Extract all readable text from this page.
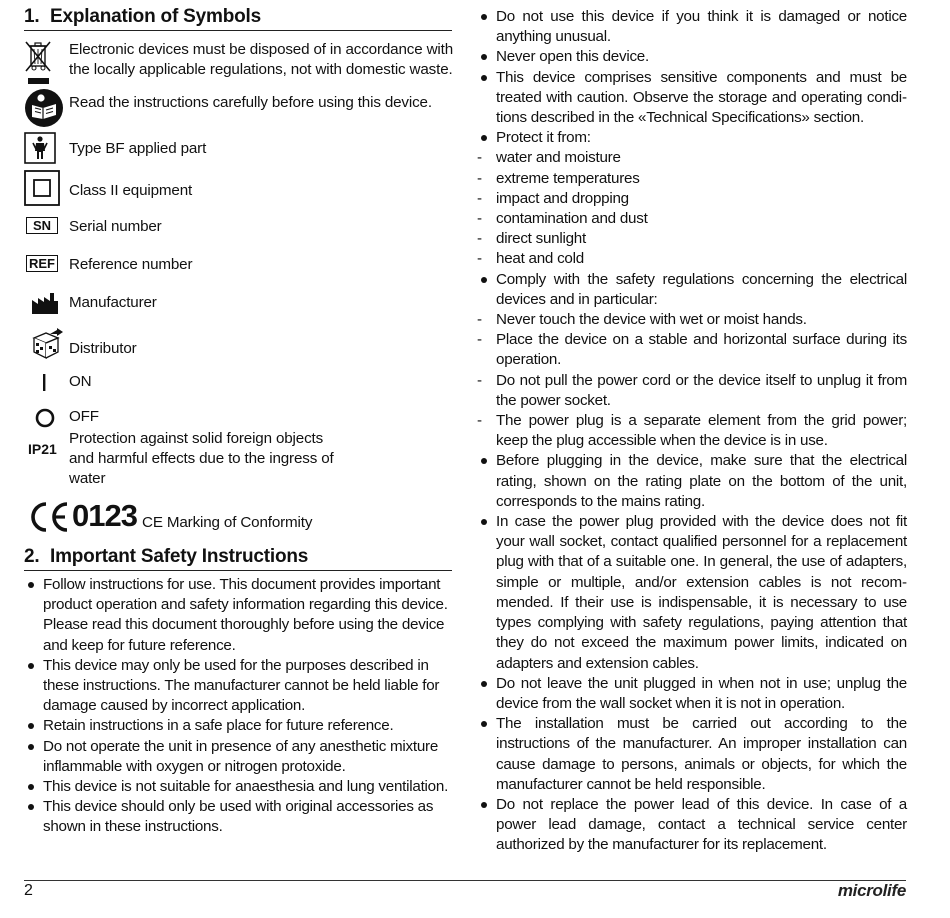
1. Explanation of Symbols
Electronic devices must be disposed of in accordance with the locally applicable regulations, not with domestic waste.
Read the instructions carefully before using this device.
Type BF applied part
Class II equipment
SN	Serial number
REF Reference number
Manufacturer
Distributor
ON
OFF
IP21
Protection against solid foreign objects and harmful effects due to the ingress of water
0123 CE Marking of Conformity
2. Important Safety Instructions
Follow instructions for use. This document provides important product operation and safety information regarding this device. Please read this document thoroughly before using the device and keep for future reference.
This device may only be used for the purposes described in these instructions. The manufacturer cannot be held liable for damage caused by incorrect application.
Retain instructions in a safe place for future reference.
Do not operate the unit in presence of any anesthetic mixture inflammable with oxygen or nitrogen protoxide.
This device is not suitable for anaesthesia and lung ventilation.
This device should only be used with original accessories as shown in these instructions.
Do not use this device if you think it is damaged or notice anything unusual.
Never open this device.
This device comprises sensitive components and must be treated with caution. Observe the storage and operating conditions described in the «Technical Specifications» section.
Protect it from:
- water and moisture
- extreme temperatures
- impact and dropping
- contamination and dust
- direct sunlight
- heat and cold
Comply with the safety regulations concerning the electrical devices and in particular:
- Never touch the device with wet or moist hands.
- Place the device on a stable and horizontal surface during its operation.
- Do not pull the power cord or the device itself to unplug it from the power socket.
- The power plug is a separate element from the grid power; keep the plug accessible when the device is in use.
Before plugging in the device, make sure that the electrical rating, shown on the rating plate on the bottom of the unit, corresponds to the mains rating.
In case the power plug provided with the device does not fit your wall socket, contact qualified personnel for a replacement plug with that of a suitable one. In general, the use of adapters, simple or multiple, and/or extension cables is not recommended. If their use is indispensable, it is necessary to use types complying with safety regulations, paying attention that they do not exceed the maximum power limits, indicated on adapters and extension cables.
Do not leave the unit plugged in when not in use; unplug the device from the wall socket when it is not in operation.
The installation must be carried out according to the instructions of the manufacturer. An improper installation can cause damage to persons, animals or objects, for which the manufacturer cannot be held responsible.
Do not replace the power lead of this device. In case of a power lead damage, contact a technical service center authorized by the manufacturer for its replacement.
2	microlife
